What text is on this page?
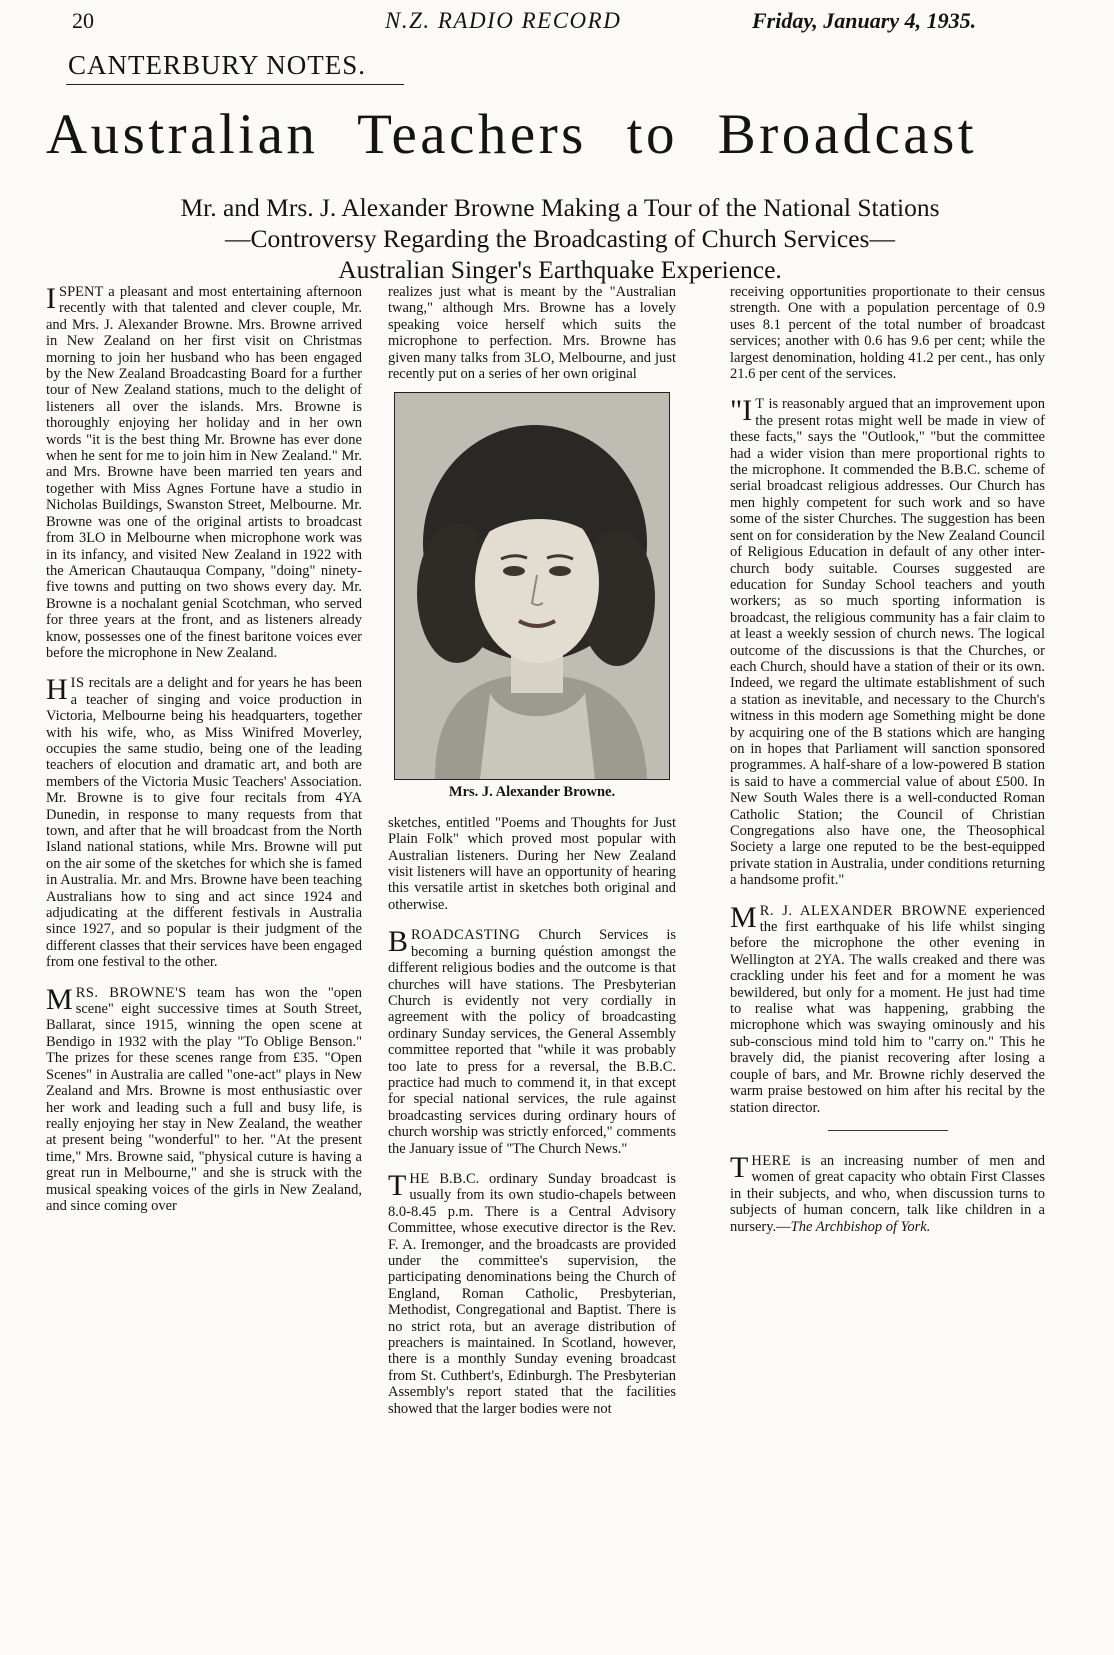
20	N.Z. RADIO RECORD	Friday, January 4, 1935.
CANTERBURY NOTES.
Australian Teachers to Broadcast
Mr. and Mrs. J. Alexander Browne Making a Tour of the National Stations
—Controversy Regarding the Broadcasting of Church Services—
Australian Singer's Earthquake Experience.

I SPENT a pleasant and most entertaining afternoon recently with that talented and clever couple, Mr. and Mrs. J. Alexander Browne. Mrs. Browne arrived in New Zealand on her first visit on Christmas morning to join her husband who has been engaged by the New Zealand Broadcasting Board for a further tour of New Zealand stations, much to the delight of listeners all over the islands. Mrs. Browne is thoroughly enjoying her holiday and in her own words "it is the best thing Mr. Browne has ever done when he sent for me to join him in New Zealand." Mr. and Mrs. Browne have been married ten years and together with Miss Agnes Fortune have a studio in Nicholas Buildings, Swanston Street, Melbourne. Mr. Browne was one of the original artists to broadcast from 3LO in Melbourne when microphone work was in its infancy, and visited New Zealand in 1922 with the American Chautauqua Company, "doing" ninety-five towns and putting on two shows every day. Mr. Browne is a nochalant genial Scotchman, who served for three years at the front, and as listeners already know, possesses one of the finest baritone voices ever before the microphone in New Zealand.

HIS recitals are a delight and for years he has been a teacher of singing and voice production in Victoria, Melbourne being his headquarters, together with his wife, who, as Miss Winifred Moverley, occupies the same studio, being one of the leading teachers of elocution and dramatic art, and both are members of the Victoria Music Teachers' Association. Mr. Browne is to give four recitals from 4YA Dunedin, in response to many requests from that town, and after that he will broadcast from the North Island national stations, while Mrs. Browne will put on the air some of the sketches for which she is famed in Australia. Mr. and Mrs. Browne have been teaching Australians how to sing and act since 1924 and adjudicating at the different festivals in Australia since 1927, and so popular is their judgment of the different classes that their services have been engaged from one festival to the other.

MRS. BROWNE'S team has won the "open scene" eight successive times at South Street, Ballarat, since 1915, winning the open scene at Bendigo in 1932 with the play "To Oblige Benson." The prizes for these scenes range from £35. "Open Scenes" in Australia are called "one-act" plays in New Zealand and Mrs. Browne is most enthusiastic over her work and leading such a full and busy life, is really enjoying her stay in New Zealand, the weather at present being "wonderful" to her. "At the present time," Mrs. Browne said, "physical cuture is having a great run in Melbourne," and she is struck with the musical speaking voices of the girls in New Zealand, and since coming over

realizes just what is meant by the "Australian twang," although Mrs. Browne has a lovely speaking voice herself which suits the microphone to perfection. Mrs. Browne has given many talks from 3LO, Melbourne, and just recently put on a series of her own original

Mrs. J. Alexander Browne.

sketches, entitled "Poems and Thoughts for Just Plain Folk" which proved most popular with Australian listeners. During her New Zealand visit listeners will have an opportunity of hearing this versatile artist in sketches both original and otherwise.

BROADCASTING Church Services is becoming a burning quéstion amongst the different religious bodies and the outcome is that churches will have stations. The Presbyterian Church is evidently not very cordially in agreement with the policy of broadcasting ordinary Sunday services, the General Assembly committee reported that "while it was probably too late to press for a reversal, the B.B.C. practice had much to commend it, in that except for special national services, the rule against broadcasting services during ordinary hours of church worship was strictly enforced," comments the January issue of "The Church News."

THE B.B.C. ordinary Sunday broadcast is usually from its own studio-chapels between 8.0-8.45 p.m. There is a Central Advisory Committee, whose executive director is the Rev. F. A. Iremonger, and the broadcasts are provided under the committee's supervision, the participating denominations being the Church of England, Roman Catholic, Presbyterian, Methodist, Congregational and Baptist. There is no strict rota, but an average distribution of preachers is maintained. In Scotland, however, there is a monthly Sunday evening broadcast from St. Cuthbert's, Edinburgh. The Presbyterian Assembly's report stated that the facilities showed that the larger bodies were not

receiving opportunities proportionate to their census strength. One with a population percentage of 0.9 uses 8.1 percent of the total number of broadcast services; another with 0.6 has 9.6 per cent; while the largest denomination, holding 41.2 per cent., has only 21.6 per cent of the services.

"I T is reasonably argued that an improvement upon the present rotas might well be made in view of these facts," says the "Outlook," "but the committee had a wider vision than mere proportional rights to the microphone. It commended the B.B.C. scheme of serial broadcast religious addresses. Our Church has men highly competent for such work and so have some of the sister Churches. The suggestion has been sent on for consideration by the New Zealand Council of Religious Education in default of any other inter-church body suitable. Courses suggested are education for Sunday School teachers and youth workers; as so much sporting information is broadcast, the religious community has a fair claim to at least a weekly session of church news. The logical outcome of the discussions is that the Churches, or each Church, should have a station of their or its own. Indeed, we regard the ultimate establishment of such a station as inevitable, and necessary to the Church's witness in this modern age Something might be done by acquiring one of the B stations which are hanging on in hopes that Parliament will sanction sponsored programmes. A half-share of a low-powered B station is said to have a commercial value of about £500. In New South Wales there is a well-conducted Roman Catholic Station; the Council of Christian Congregations also have one, the Theosophical Society a large one reputed to be the best-equipped private station in Australia, under conditions returning a handsome profit."

M R. J. ALEXANDER BROWNE experienced the first earthquake of his life whilst singing before the microphone the other evening in Wellington at 2YA. The walls creaked and there was crackling under his feet and for a moment he was bewildered, but only for a moment. He just had time to realise what was happening, grabbing the microphone which was swaying ominously and his sub-conscious mind told him to "carry on." This he bravely did, the pianist recovering after losing a couple of bars, and Mr. Browne richly deserved the warm praise bestowed on him after his recital by the station director.

THERE is an increasing number of men and women of great capacity who obtain First Classes in their subjects, and who, when discussion turns to subjects of human concern, talk like children in a nursery.—The Archbishop of York.
